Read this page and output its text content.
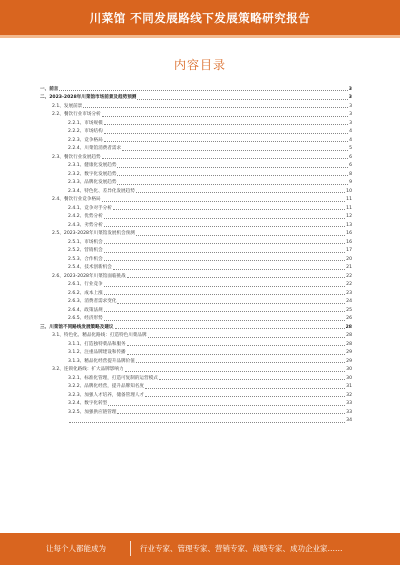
川菜馆 不同发展路线下发展策略研究报告
内容目录
一、前言	3
二、2023-2028年川菜馆市场前景及趋势预测	3
2.1、发展前景	3
2.2、餐饮行业市场分析	3
2.2.1、市场规模	3
2.2.2、市场结构	4
2.2.3、竞争格局	4
2.2.4、川菜馆消费者需求	5
2.3、餐饮行业发展趋势	6
2.3.1、健康化发展趋势	6
2.3.2、数字化发展趋势	8
2.3.3、品牌化发展趋势	9
2.3.4、特色化、差异化发展趋势	10
2.4、餐饮行业竞争格局	11
2.4.1、竞争对手分析	11
2.4.2、优势分析	12
2.4.3、劣势分析	13
2.5、2023-2028年川菜馆发展机会预测	16
2.5.1、市场机会	16
2.5.2、营销机会	17
2.5.3、合作机会	20
2.5.4、技术创新机会	21
2.6、2023-2028年川菜馆面临挑战	22
2.6.1、行业竞争	22
2.6.2、成本上涨	23
2.6.3、消费者需求变化	24
2.6.4、政策法规	25
2.6.5、经济形势	26
三、川菜馆不同路线发展策略及建议	28
3.1、特色化、精品化路线：打造特色川菜品牌	28
3.1.1、打造独特菜品和服务	28
3.1.2、注重品牌建设和传播	29
3.1.3、精品化经营提升品牌价值	29
3.2、连锁化路线：扩大品牌影响力	30
3.2.1、标准化管理，打造可复制的运营模式	30
3.2.2、品牌化经营，提升品牌知名度	31
3.2.3、加强人才培养，储备管理人才	32
3.2.4、数字化转型	33
3.2.5、加强供应链管理	33
34
让每个人都能成为	行业专家、管理专家、营销专家、战略专家、成功企业家……
